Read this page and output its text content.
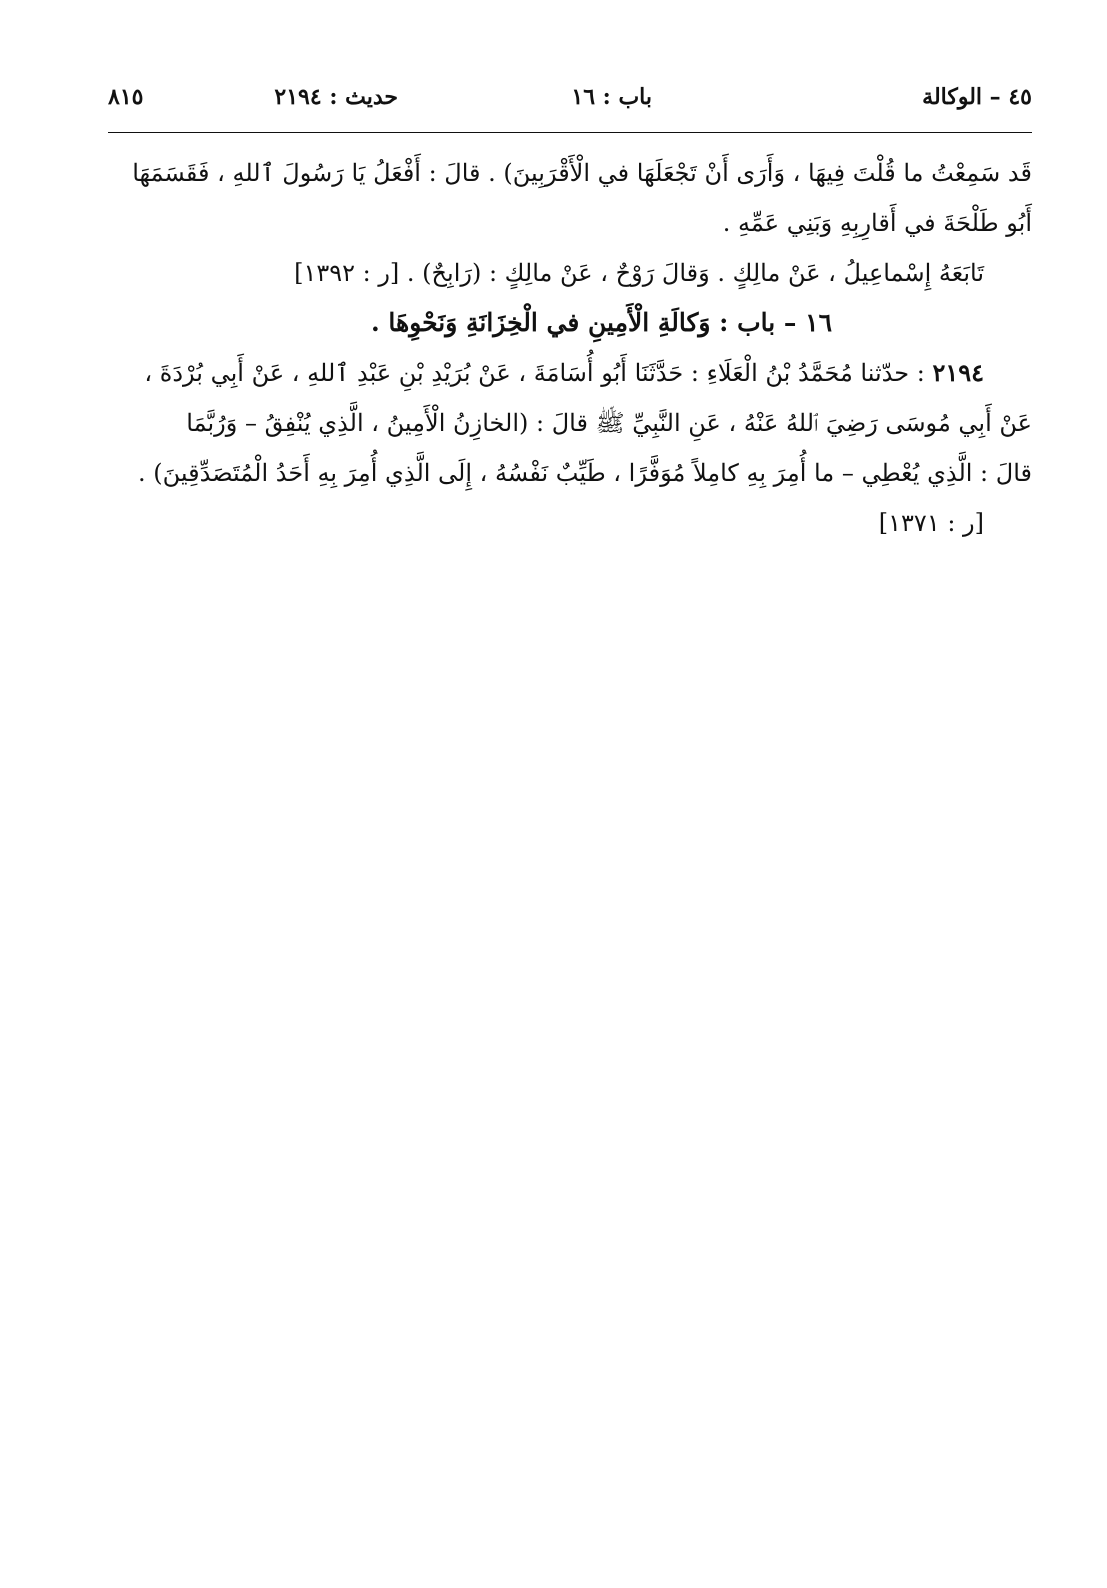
٤٥ – الوكالة
باب : ١٦
حديث : ٢١٩٤
٨١٥

قَد سَمِعْتُ ما قُلْتَ فِيهَا ، وَأَرَى أَنْ تَجْعَلَهَا في الْأَقْرَبِينَ) . قالَ : أَفْعَلُ يَا رَسُولَ ٱللهِ ، فَقَسَمَهَا

أَبُو طَلْحَةَ في أَقارِبِهِ وَبَنِي عَمِّهِ .

تَابَعَهُ إِسْماعِيلُ ، عَنْ مالِكٍ . وَقالَ رَوْحٌ ، عَنْ مالِكٍ : (رَابِحٌ) . [ر : ١٣٩٢]

١٦ – باب : وَكالَةِ الْأَمِينِ في الْخِزَانَةِ وَنَحْوِهَا .

٢١٩٤ : حدّثنا مُحَمَّدُ بْنُ الْعَلَاءِ : حَدَّثَنَا أَبُو أُسَامَةَ ، عَنْ بُرَيْدِ بْنِ عَبْدِ ٱللهِ ، عَنْ أَبِي بُرْدَةَ ،

عَنْ أَبِي مُوسَى رَضِيَ ٱللهُ عَنْهُ ، عَنِ النَّبِيِّ ﷺ قالَ : (الخازِنُ الْأَمِينُ ، الَّذِي يُنْفِقُ – وَرُبَّمَا

قالَ : الَّذِي يُعْطِي – ما أُمِرَ بِهِ كامِلاً مُوَفَّرًا ، طَيِّبٌ نَفْسُهُ ، إِلَى الَّذِي أُمِرَ بِهِ أَحَدُ الْمُتَصَدِّقِينَ) .

[ر : ١٣٧١]
